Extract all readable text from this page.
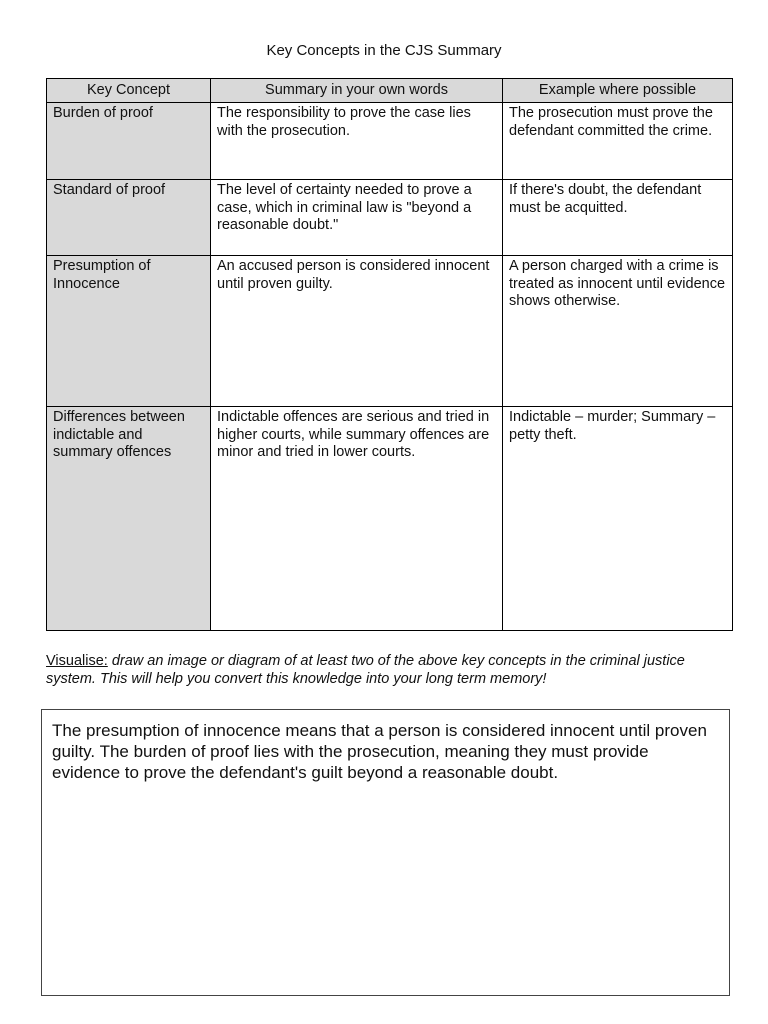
Key Concepts in the CJS Summary
Key Concept	Summary in your own words	Example where possible
Burden of proof	The responsibility to prove the case lies with the prosecution.	The prosecution must prove the defendant committed the crime.
Standard of proof	The level of certainty needed to prove a case, which in criminal law is "beyond a reasonable doubt."	If there's doubt, the defendant must be acquitted.
Presumption of Innocence	An accused person is considered innocent until proven guilty.	A person charged with a crime is treated as innocent until evidence shows otherwise.
Differences between indictable and summary offences	Indictable offences are serious and tried in higher courts, while summary offences are minor and tried in lower courts.	Indictable – murder; Summary – petty theft.
Visualise: draw an image or diagram of at least two of the above key concepts in the criminal justice system. This will help you convert this knowledge into your long term memory!
The presumption of innocence means that a person is considered innocent until proven guilty. The burden of proof lies with the prosecution, meaning they must provide evidence to prove the defendant's guilt beyond a reasonable doubt.
